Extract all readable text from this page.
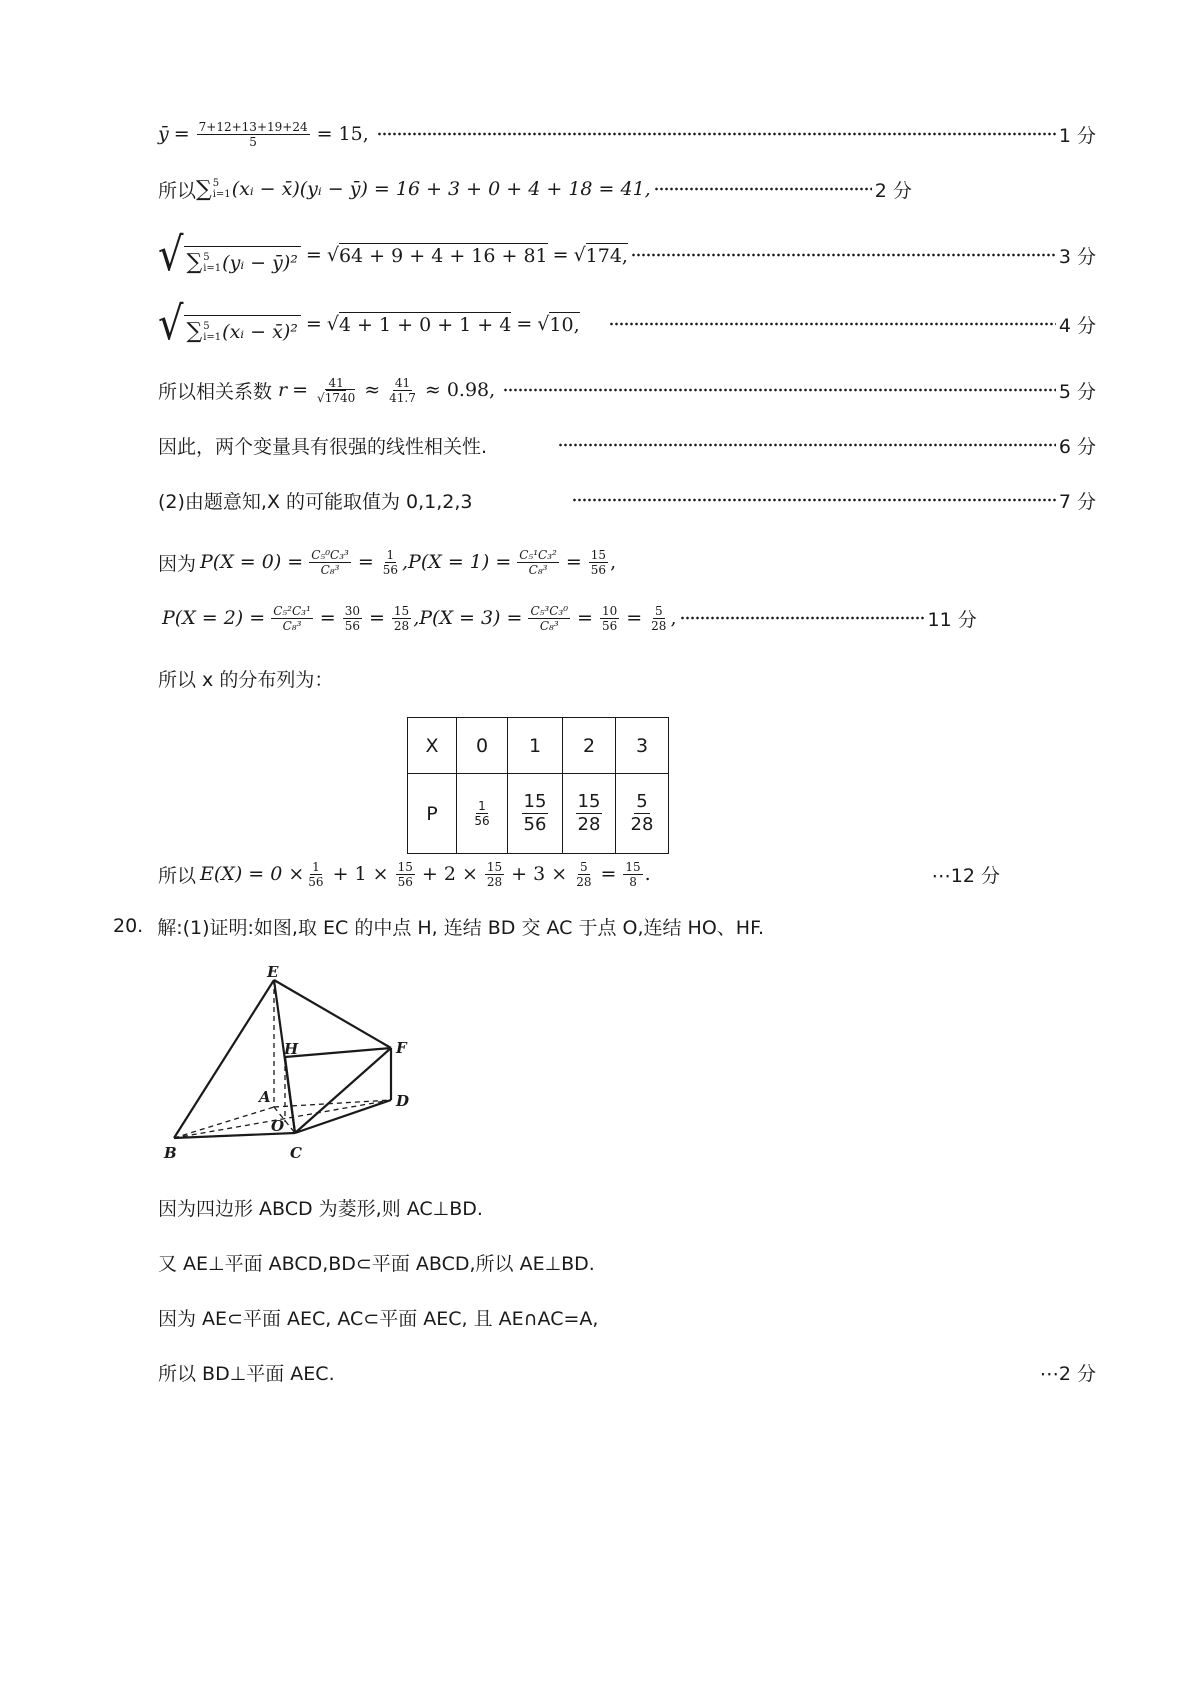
ȳ = $\frac{7+12+13+19+24}{5} = 15$,	1 分
所以 ∑ 5
i=1 (xᵢ − x̄)(yᵢ − ȳ) = 16 + 3 + 0 + 4 + 18 = 41,	2 分
√ ∑ 5
i=1 (yᵢ − ȳ)² = √ 64 + 9 + 4 + 16 + 81 = √ 174,	3 分
√ ∑ 5
i=1 (xᵢ − x̄)² = √ 4 + 1 + 0 + 1 + 4 = √ 10,	4 分
所以相关系数 $r = \frac{41}{√1740} \approx \frac{41}{41.7} \approx 0.98$,	5 分
因此，两个变量具有很强的线性相关性.	6 分
(2)由题意知,X 的可能取值为 0,1,2,3	7 分
因为 $P(X = 0) = \frac{\text{C₅⁰C₃³}}{\text{C₈³}} = \frac{1}{56} ,P(X = 1) = \frac{\text{C₅¹C₃²}}{\text{C₈³}} = \frac{15}{56}$ ,
$P(X = 2) = \frac{\text{C₅²C₃¹}}{\text{C₈³}} = \frac{30}{56} = \frac{15}{28} ,P(X = 3) = \frac{\text{C₅³C₃⁰}}{\text{C₈³}} = \frac{10}{56} = \frac{5}{28}$ ,	11 分
所以 x 的分布列为：
X	0	1	2	3
P	$\frac{1}{56}$	$\frac{15}{56}$	$\frac{15}{28}$	$\frac{5}{28}$
所以 $E(X) = 0 \times \frac{1}{56} + 1 \times \frac{15}{56} + 2 \times \frac{15}{28} + 3 \times \frac{5}{28} = \frac{15}{8}$ .	⋯12 分
20. 解:(1)证明:如图,取 EC 的中点 H, 连结 BD 交 AC 于点 O,连结 HO、HF.
E
H	F
A	D
O
B	C
因为四边形 ABCD 为菱形,则 AC⊥BD.
又 AE⊥平面 ABCD,BD⊂平面 ABCD,所以 AE⊥BD.
因为 AE⊂平面 AEC, AC⊂平面 AEC, 且 AE∩AC=A,
所以 BD⊥平面 AEC.	⋯2 分
